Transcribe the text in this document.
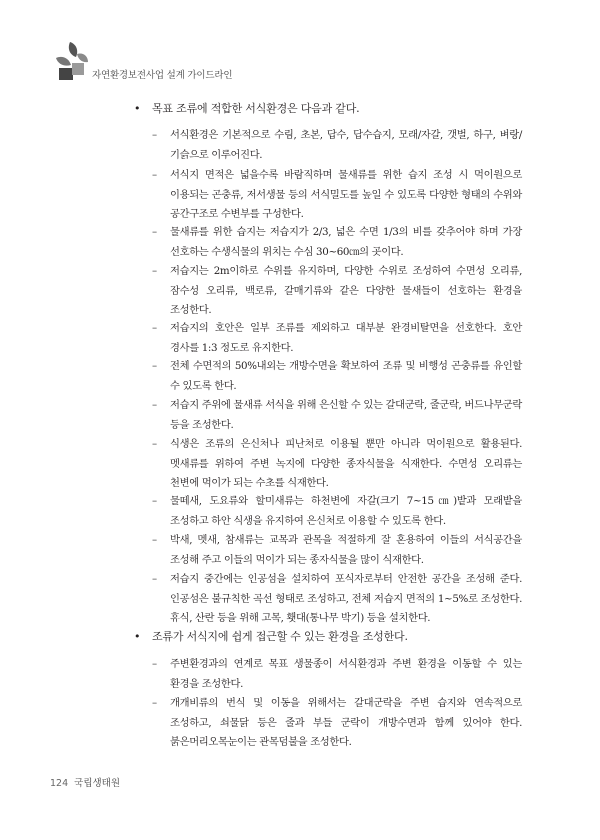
자연환경보전사업 설계 가이드라인
• 목표 조류에 적합한 서식환경은 다음과 같다.
–	서식환경은 기본적으로 수림, 초본, 답수, 답수습지, 모래/자갈, 갯벌, 하구, 벼랑/기슭으로 이루어진다.
–	서식지 면적은 넓을수록 바람직하며 물새류를 위한 습지 조성 시 먹이원으로 이용되는 곤충류, 저서생물 등의 서식밀도를 높일 수 있도록 다양한 형태의 수위와 공간구조로 수변부를 구성한다.
–	물새류를 위한 습지는 저습지가 2/3, 넓은 수면 1/3의 비를 갖추어야 하며 가장 선호하는 수생식물의 위치는 수심 30~60㎝의 곳이다.
–	저습지는 2m이하로 수위를 유지하며, 다양한 수위로 조성하여 수면성 오리류, 잠수성 오리류, 백로류, 갈매기류와 같은 다양한 물새들이 선호하는 환경을 조성한다.
–	저습지의 호안은 일부 조류를 제외하고 대부분 완경비탈면을 선호한다. 호안 경사를 1:3 정도로 유지한다.
–	전체 수면적의 50%내외는 개방수면을 확보하여 조류 및 비행성 곤충류를 유인할 수 있도록 한다.
–	저습지 주위에 물새류 서식을 위해 은신할 수 있는 갈대군락, 줄군락, 버드나무군락 등을 조성한다.
–	식생은 조류의 은신처나 피난처로 이용될 뿐만 아니라 먹이원으로 활용된다. 멧새류를 위하여 주변 녹지에 다양한 종자식물을 식재한다. 수면성 오리류는 천변에 먹이가 되는 수초를 식재한다.
–	물떼새, 도요류와 할미새류는 하천변에 자갈(크기 7~15㎝)밭과 모래밭을 조성하고 하안 식생을 유지하여 은신처로 이용할 수 있도록 한다.
–	박새, 멧새, 참새류는 교목과 관목을 적절하게 잘 혼용하여 이들의 서식공간을 조성해 주고 이들의 먹이가 되는 종자식물을 많이 식재한다.
–	저습지 중간에는 인공섬을 설치하여 포식자로부터 안전한 공간을 조성해 준다. 인공섬은 불규칙한 곡선 형태로 조성하고, 전체 저습지 면적의 1~5%로 조성한다. 휴식, 산란 등을 위해 고목, 횃대(통나무 박기) 등을 설치한다.
• 조류가 서식지에 쉽게 접근할 수 있는 환경을 조성한다.
–	주변환경과의 연계로 목표 생물종이 서식환경과 주변 환경을 이동할 수 있는 환경을 조성한다.
–	개개비류의 번식 및 이동을 위해서는 갈대군락을 주변 습지와 연속적으로 조성하고, 쇠물닭 등은 줄과 부들 군락이 개방수면과 함께 있어야 한다. 붉은머리오목눈이는 관목덤불을 조성한다.
124 국립생태원
